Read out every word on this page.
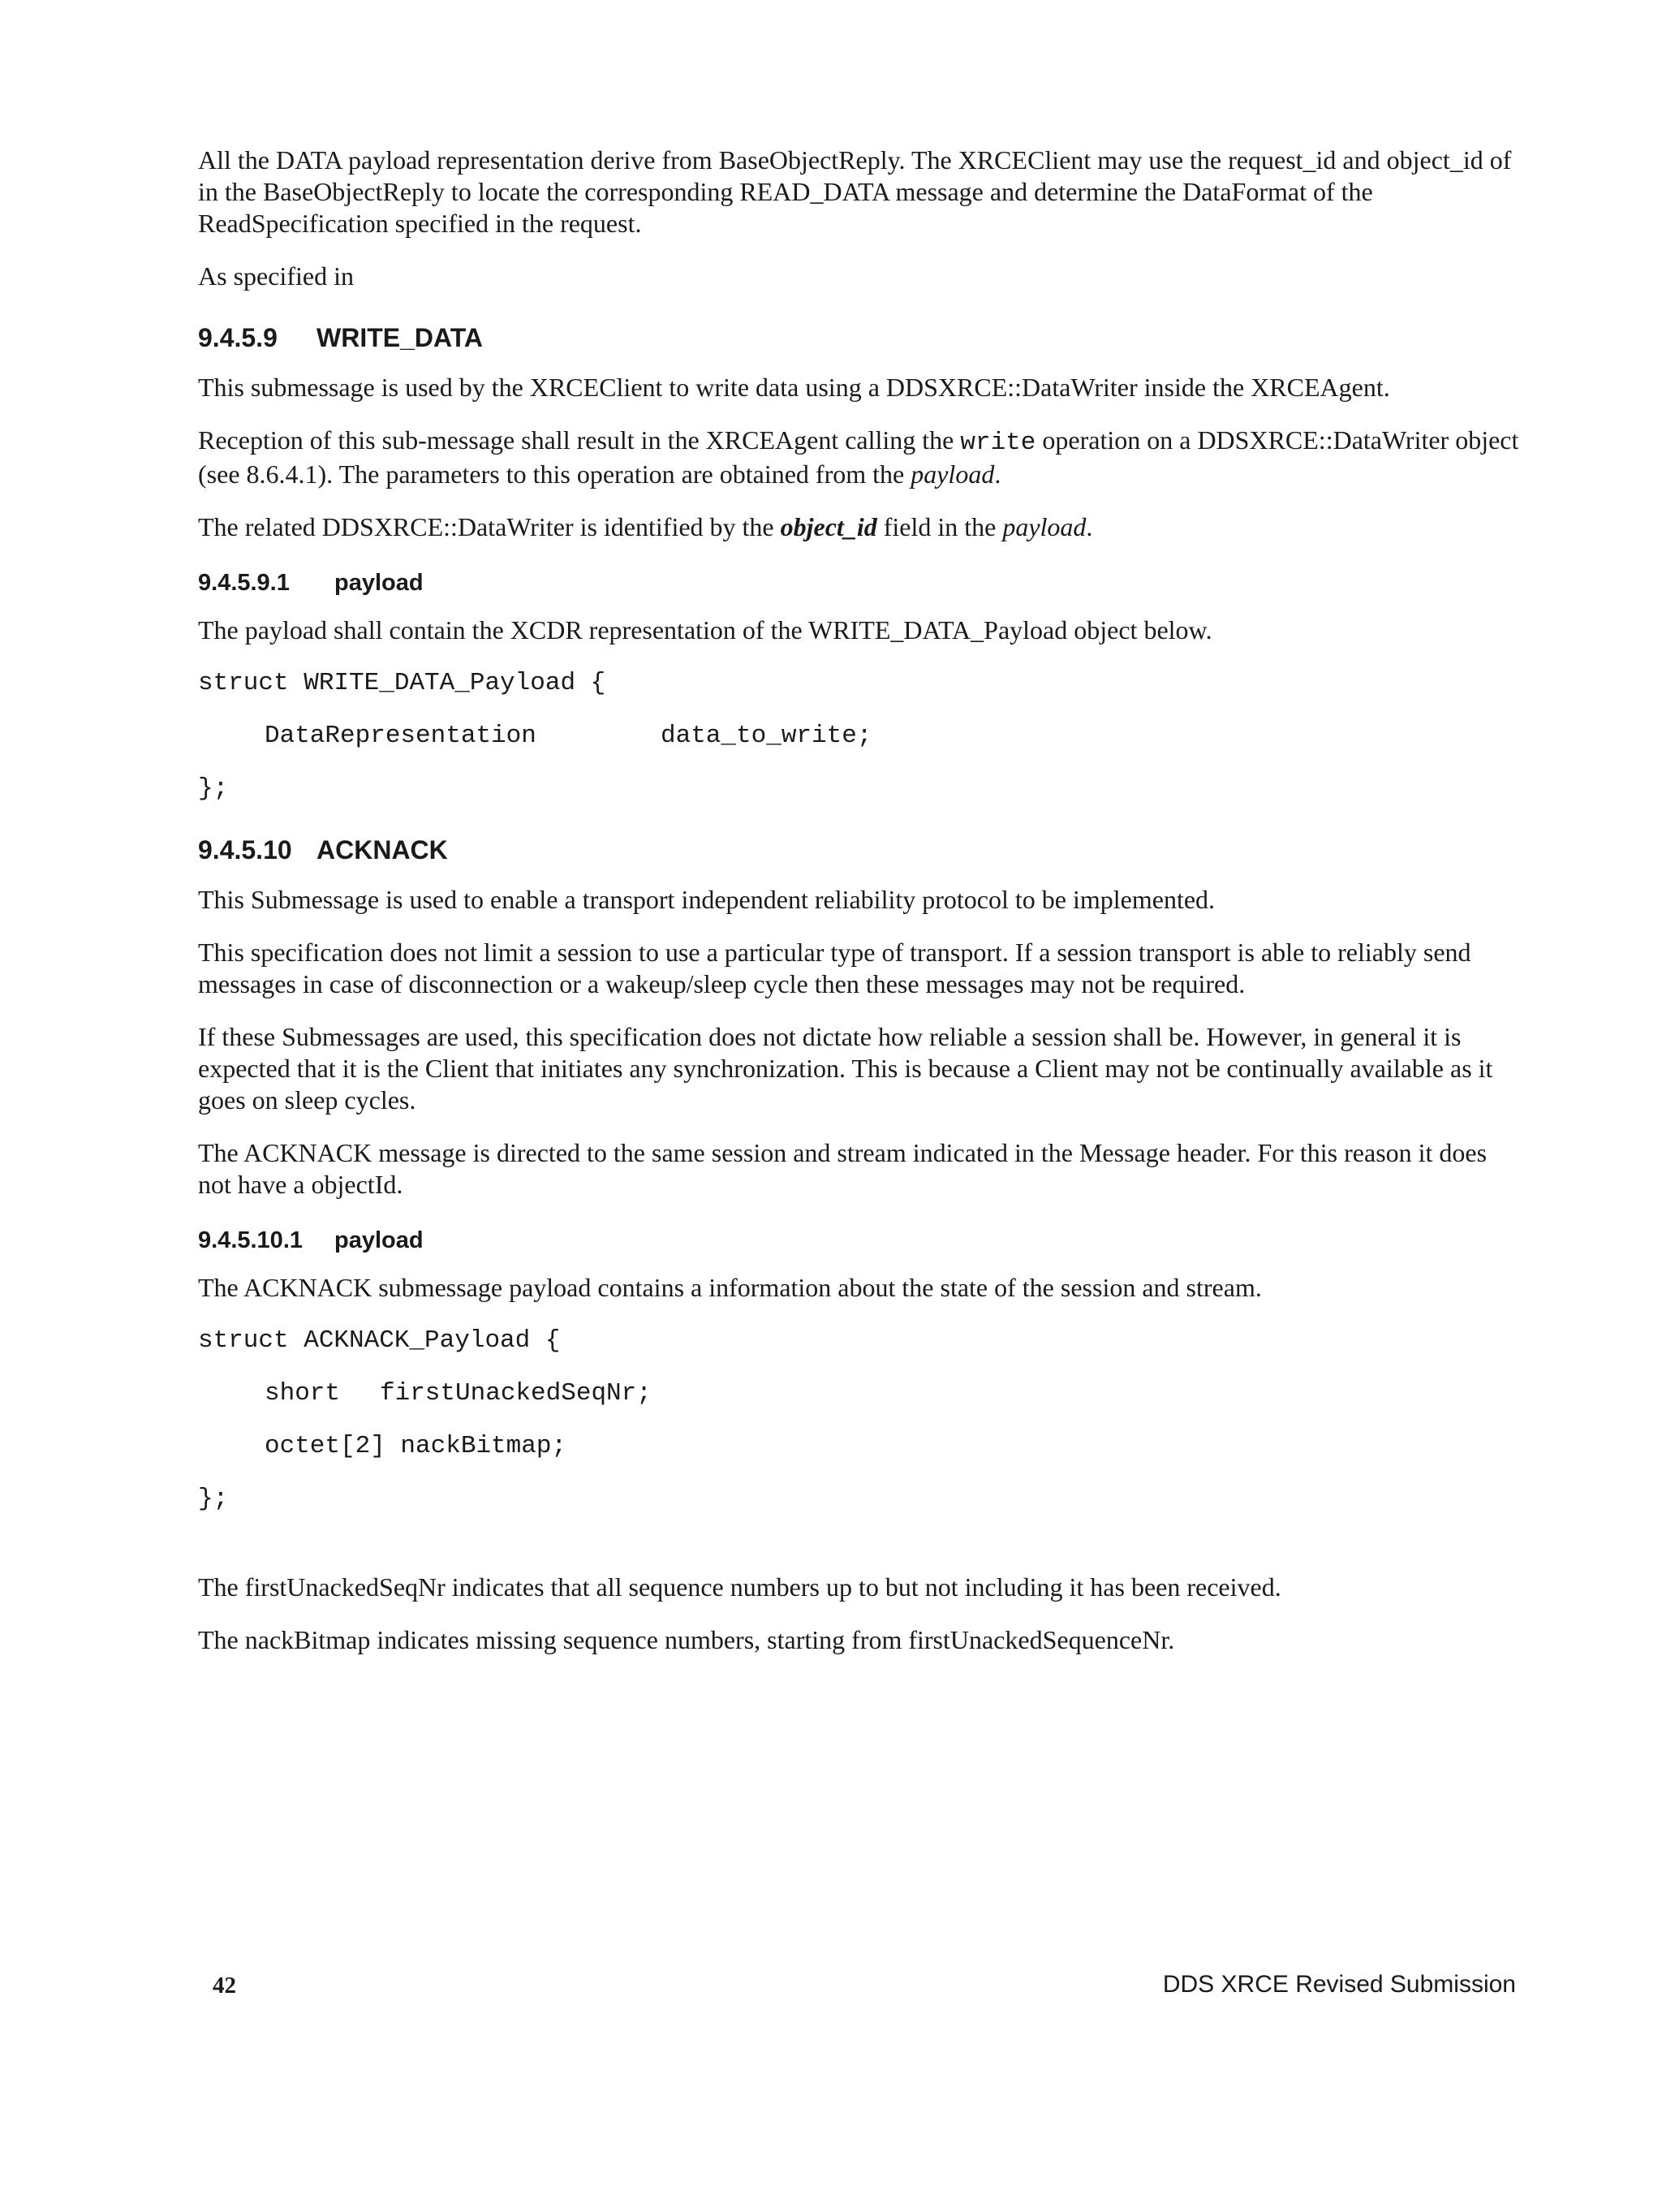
All the DATA payload representation derive from BaseObjectReply. The XRCEClient may use the request_id and object_id of in the BaseObjectReply to locate the corresponding READ_DATA message and determine the DataFormat of the ReadSpecification specified in the request.

As specified in

9.4.5.9 WRITE_DATA

This submessage is used by the XRCEClient to write data using a DDSXRCE::DataWriter inside the XRCEAgent.

Reception of this sub-message shall result in the XRCEAgent calling the write operation on a DDSXRCE::DataWriter object (see 8.6.4.1). The parameters to this operation are obtained from the payload.

The related DDSXRCE::DataWriter is identified by the object_id field in the payload.

9.4.5.9.1 payload

The payload shall contain the XCDR representation of the WRITE_DATA_Payload object below.

struct WRITE_DATA_Payload {
DataRepresentation	data_to_write;
};
9.4.5.10 ACKNACK

This Submessage is used to enable a transport independent reliability protocol to be implemented.

This specification does not limit a session to use a particular type of transport. If a session transport is able to reliably send messages in case of disconnection or a wakeup/sleep cycle then these messages may not be required.

If these Submessages are used, this specification does not dictate how reliable a session shall be. However, in general it is expected that it is the Client that initiates any synchronization. This is because a Client may not be continually available as it goes on sleep cycles.

The ACKNACK message is directed to the same session and stream indicated in the Message header. For this reason it does not have a objectId.

9.4.5.10.1 payload

The ACKNACK submessage payload contains a information about the state of the session and stream.

struct ACKNACK_Payload {
short firstUnackedSeqNr;
octet[2] nackBitmap;
};

The firstUnackedSeqNr indicates that all sequence numbers up to but not including it has been received.

The nackBitmap indicates missing sequence numbers, starting from firstUnackedSequenceNr.

42	DDS XRCE Revised Submission
